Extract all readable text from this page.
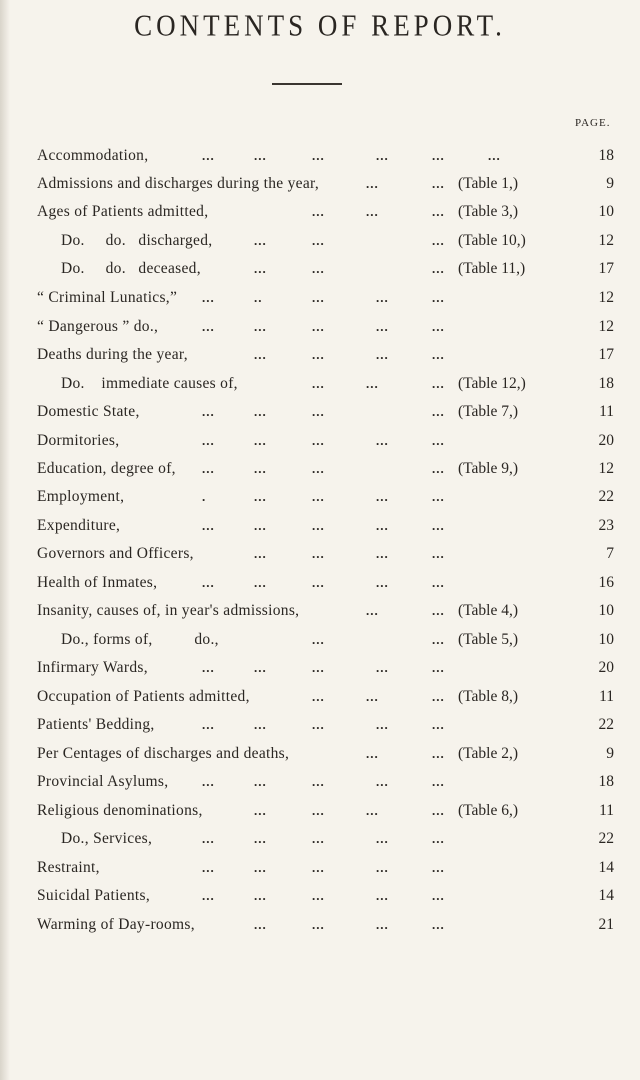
CONTENTS OF REPORT.
PAGE.
Accommodation,	...	...	...	...	...	...	18
Admissions and discharges during the year,	...	... (Table 1,)	9
Ages of Patients admitted,	...	...	... (Table 3,)	10
Do.     do.   discharged,	...	...	... (Table 10,)	12
Do.     do.   deceased,	...	...	... (Table 11,)	17
“ Criminal Lunatics,” ...	..	...	...	...	12
“ Dangerous ” do.,	...	...	...	...	...	12
Deaths during the year,	...	...	...	...	17
Do.    immediate causes of,	...	...	... (Table 12,)	18
Domestic State,	...	...	...	... (Table 7,)	11
Dormitories,	...	...	...	...	...	20
Education, degree of, ...	...	...	... (Table 9,)	12
Employment,	.	...	...	...	...	22
Expenditure,	...	...	...	...	...	23
Governors and Officers,	...	...	...	...	7
Health of Inmates,	...	...	...	...	...	16
Insanity, causes of, in year's admissions,	...	... (Table 4,)	10
Do., forms of,          do.,	...	... (Table 5,)	10
Infirmary Wards,	...	...	...	...	...	20
Occupation of Patients admitted,	...	...	... (Table 8,)	11
Patients' Bedding,	...	...	...	...	...	22
Per Centages of discharges and deaths,	...	... (Table 2,)	9
Provincial Asylums,	...	...	...	...	...	18
Religious denominations,	...	...	...	... (Table 6,)	11
Do., Services,	...	...	...	...	...	22
Restraint,	...	...	...	...	...	14
Suicidal Patients,	...	...	...	...	...	14
Warming of Day-rooms,	...	...	...	...	21
